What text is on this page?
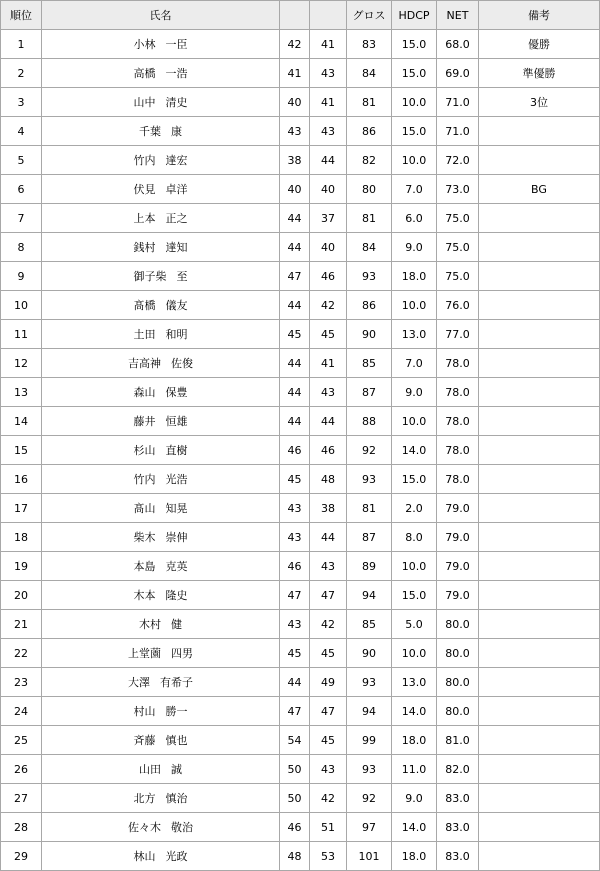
順位	氏名			グロス	HDCP	NET	備考
1	小林 一臣	42	41	83	15.0	68.0	優勝
2	高橋 一浩	41	43	84	15.0	69.0	準優勝
3	山中 清史	40	41	81	10.0	71.0	3位
4	千葉 康	43	43	86	15.0	71.0	
5	竹内 達宏	38	44	82	10.0	72.0	
6	伏見 卓洋	40	40	80	7.0	73.0	BG
7	上本 正之	44	37	81	6.0	75.0	
8	銭村 達知	44	40	84	9.0	75.0	
9	御子柴 至	47	46	93	18.0	75.0	
10	髙橋 儀友	44	42	86	10.0	76.0	
11	土田 和明	45	45	90	13.0	77.0	
12	吉高神 佐俊	44	41	85	7.0	78.0	
13	森山 保豊	44	43	87	9.0	78.0	
14	藤井 恒雄	44	44	88	10.0	78.0	
15	杉山 直樹	46	46	92	14.0	78.0	
16	竹内 光浩	45	48	93	15.0	78.0	
17	髙山 知晃	43	38	81	2.0	79.0	
18	柴木 崇伸	43	44	87	8.0	79.0	
19	本島 克英	46	43	89	10.0	79.0	
20	木本 隆史	47	47	94	15.0	79.0	
21	木村 健	43	42	85	5.0	80.0	
22	上堂薗 四男	45	45	90	10.0	80.0	
23	大澤 有希子	44	49	93	13.0	80.0	
24	村山 勝一	47	47	94	14.0	80.0	
25	斉藤 慎也	54	45	99	18.0	81.0	
26	山田 誠	50	43	93	11.0	82.0	
27	北方 慎治	50	42	92	9.0	83.0	
28	佐々木 敬治	46	51	97	14.0	83.0	
29	林山 光政	48	53	101	18.0	83.0	
